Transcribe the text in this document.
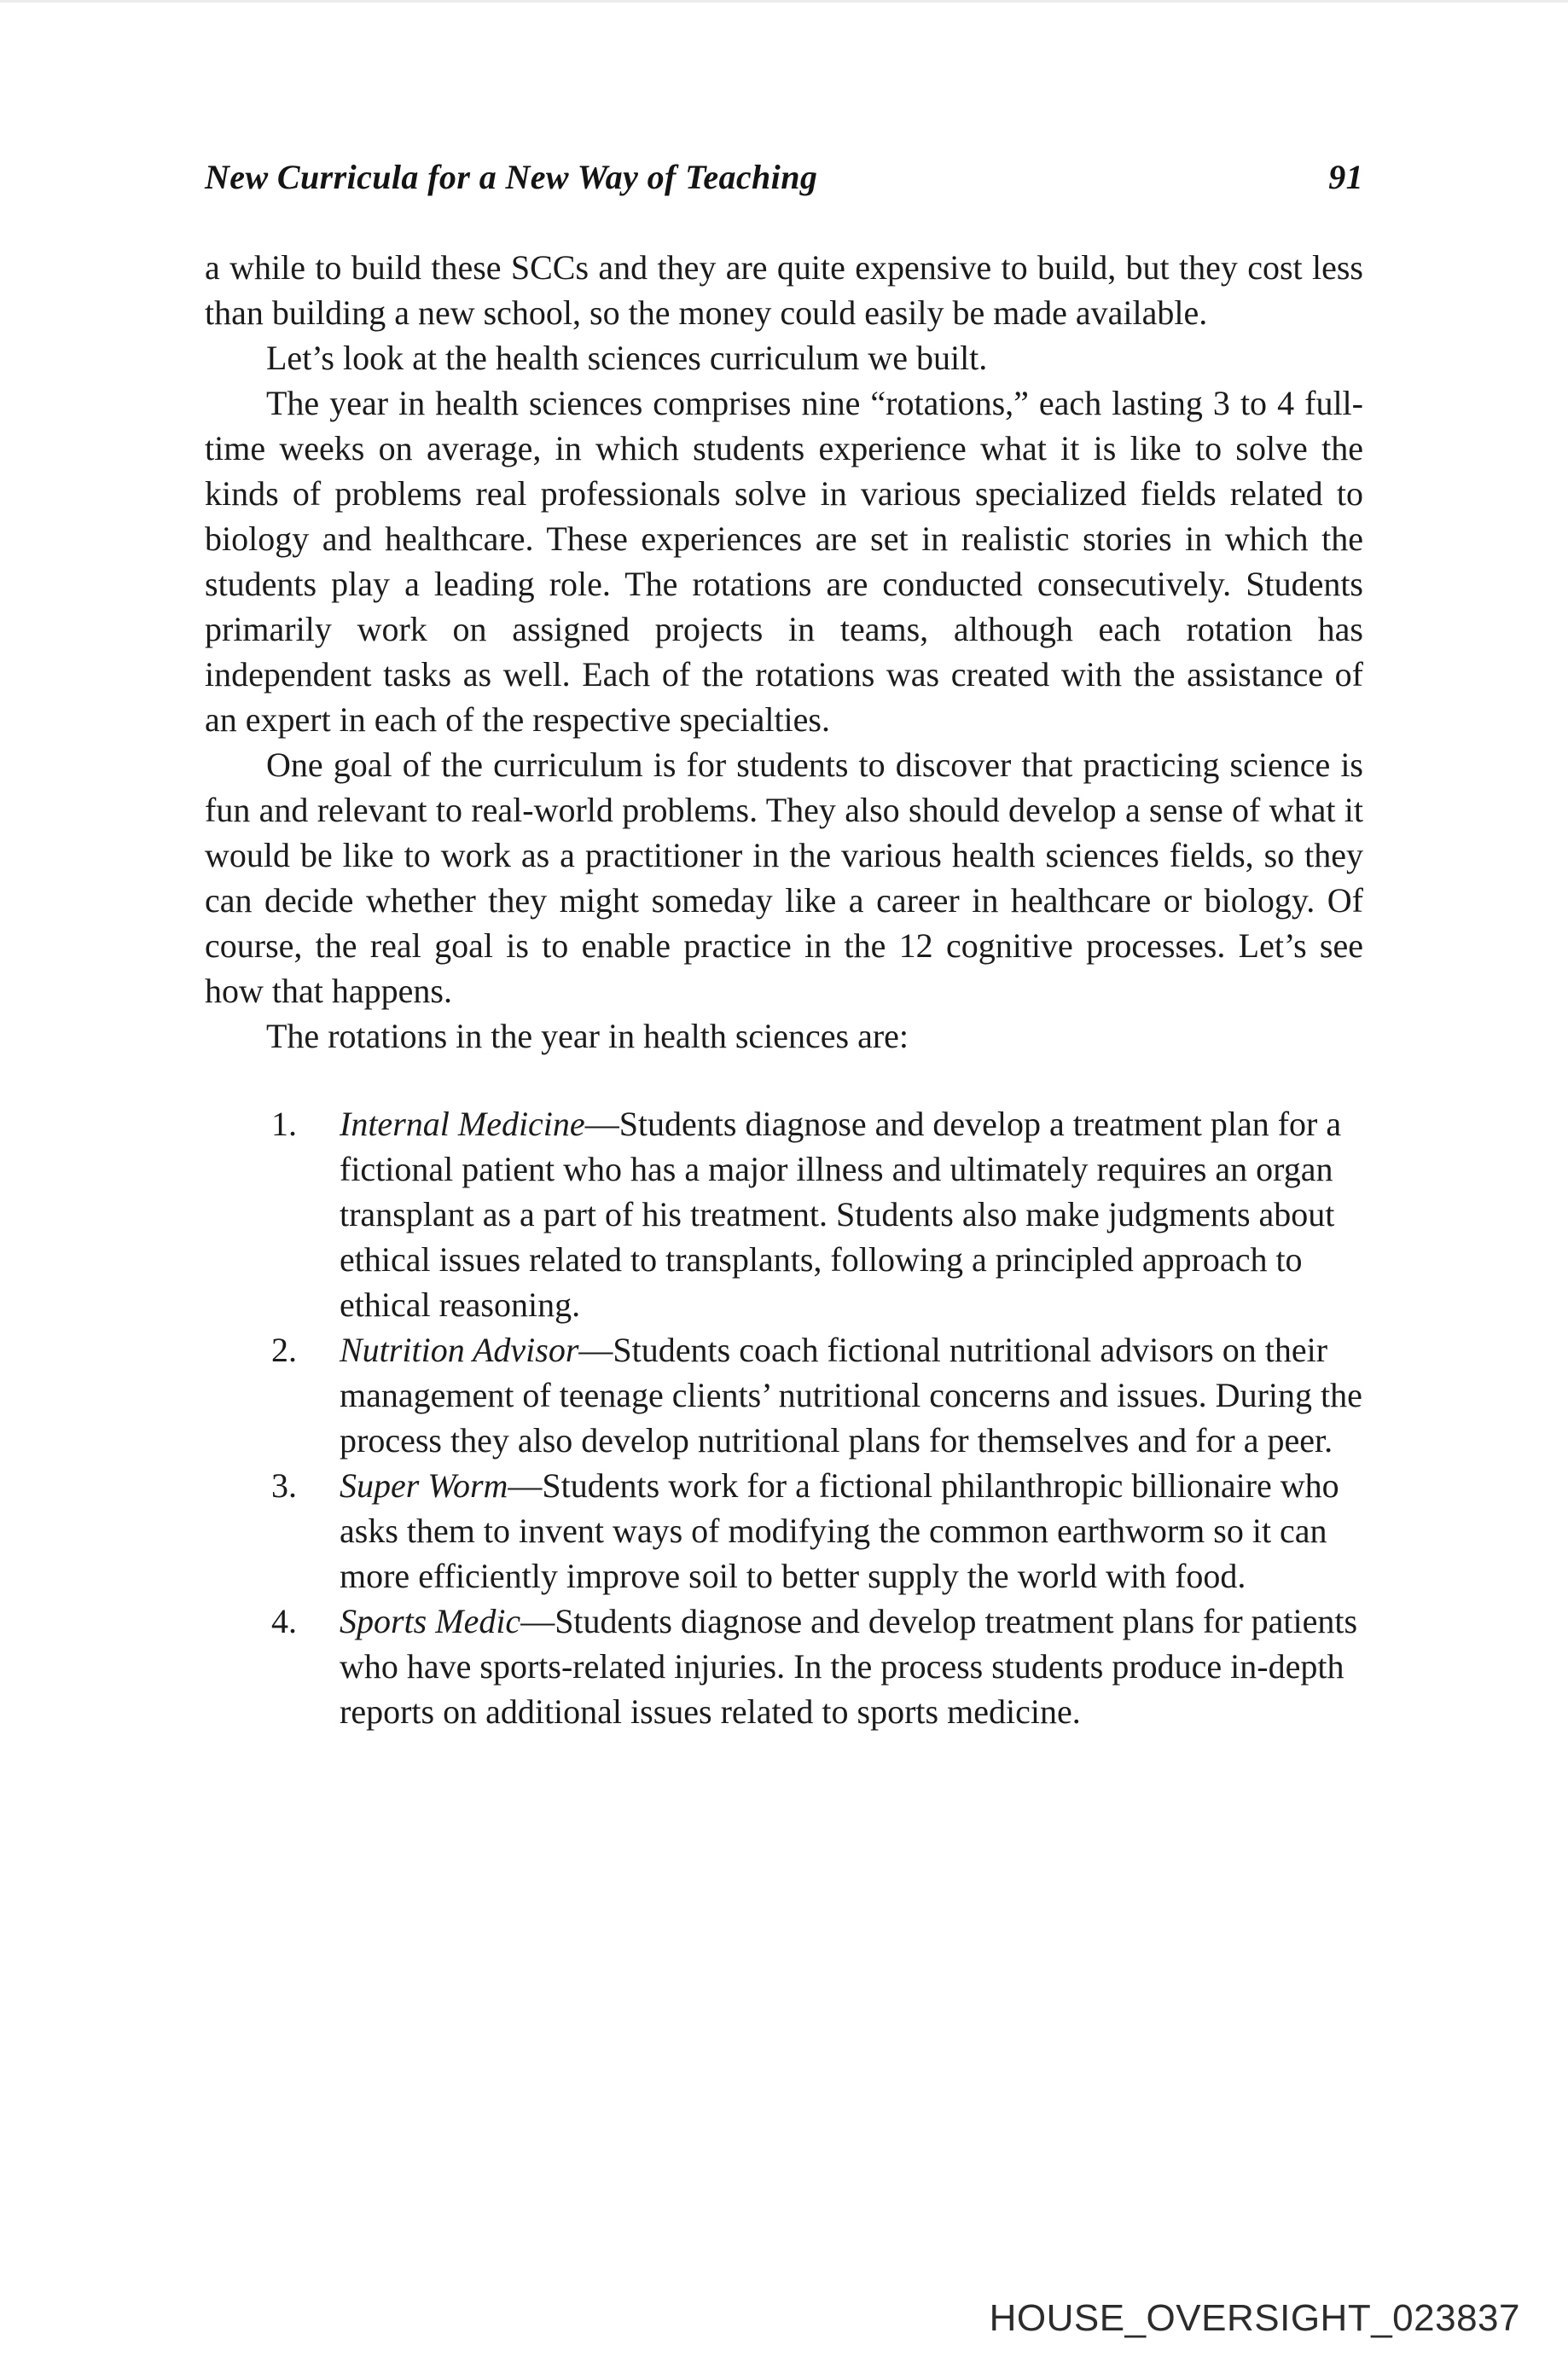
New Curricula for a New Way of Teaching	91

a while to build these SCCs and they are quite expensive to build, but they cost less than building a new school, so the money could easily be made available.

Let’s look at the health sciences curriculum we built.

The year in health sciences comprises nine “rotations,” each lasting 3 to 4 full-time weeks on average, in which students experience what it is like to solve the kinds of problems real professionals solve in various specialized fields related to biology and healthcare. These experiences are set in realistic stories in which the students play a leading role. The rotations are conducted consecutively. Students primarily work on assigned projects in teams, although each rotation has independent tasks as well. Each of the rotations was created with the assistance of an expert in each of the respective specialties.

One goal of the curriculum is for students to discover that practicing science is fun and relevant to real-world problems. They also should develop a sense of what it would be like to work as a practitioner in the various health sciences fields, so they can decide whether they might someday like a career in healthcare or biology. Of course, the real goal is to enable practice in the 12 cognitive processes. Let’s see how that happens.

The rotations in the year in health sciences are:

1.	Internal Medicine—Students diagnose and develop a treatment plan for a fictional patient who has a major illness and ultimately requires an organ transplant as a part of his treatment. Students also make judgments about ethical issues related to transplants, following a principled approach to ethical reasoning.
2.	Nutrition Advisor—Students coach fictional nutritional advisors on their management of teenage clients’ nutritional concerns and issues. During the process they also develop nutritional plans for themselves and for a peer.
3.	Super Worm—Students work for a fictional philanthropic billionaire who asks them to invent ways of modifying the common earthworm so it can more efficiently improve soil to better supply the world with food.
4.	Sports Medic—Students diagnose and develop treatment plans for patients who have sports-related injuries. In the process students produce in-depth reports on additional issues related to sports medicine.
HOUSE_OVERSIGHT_023837
